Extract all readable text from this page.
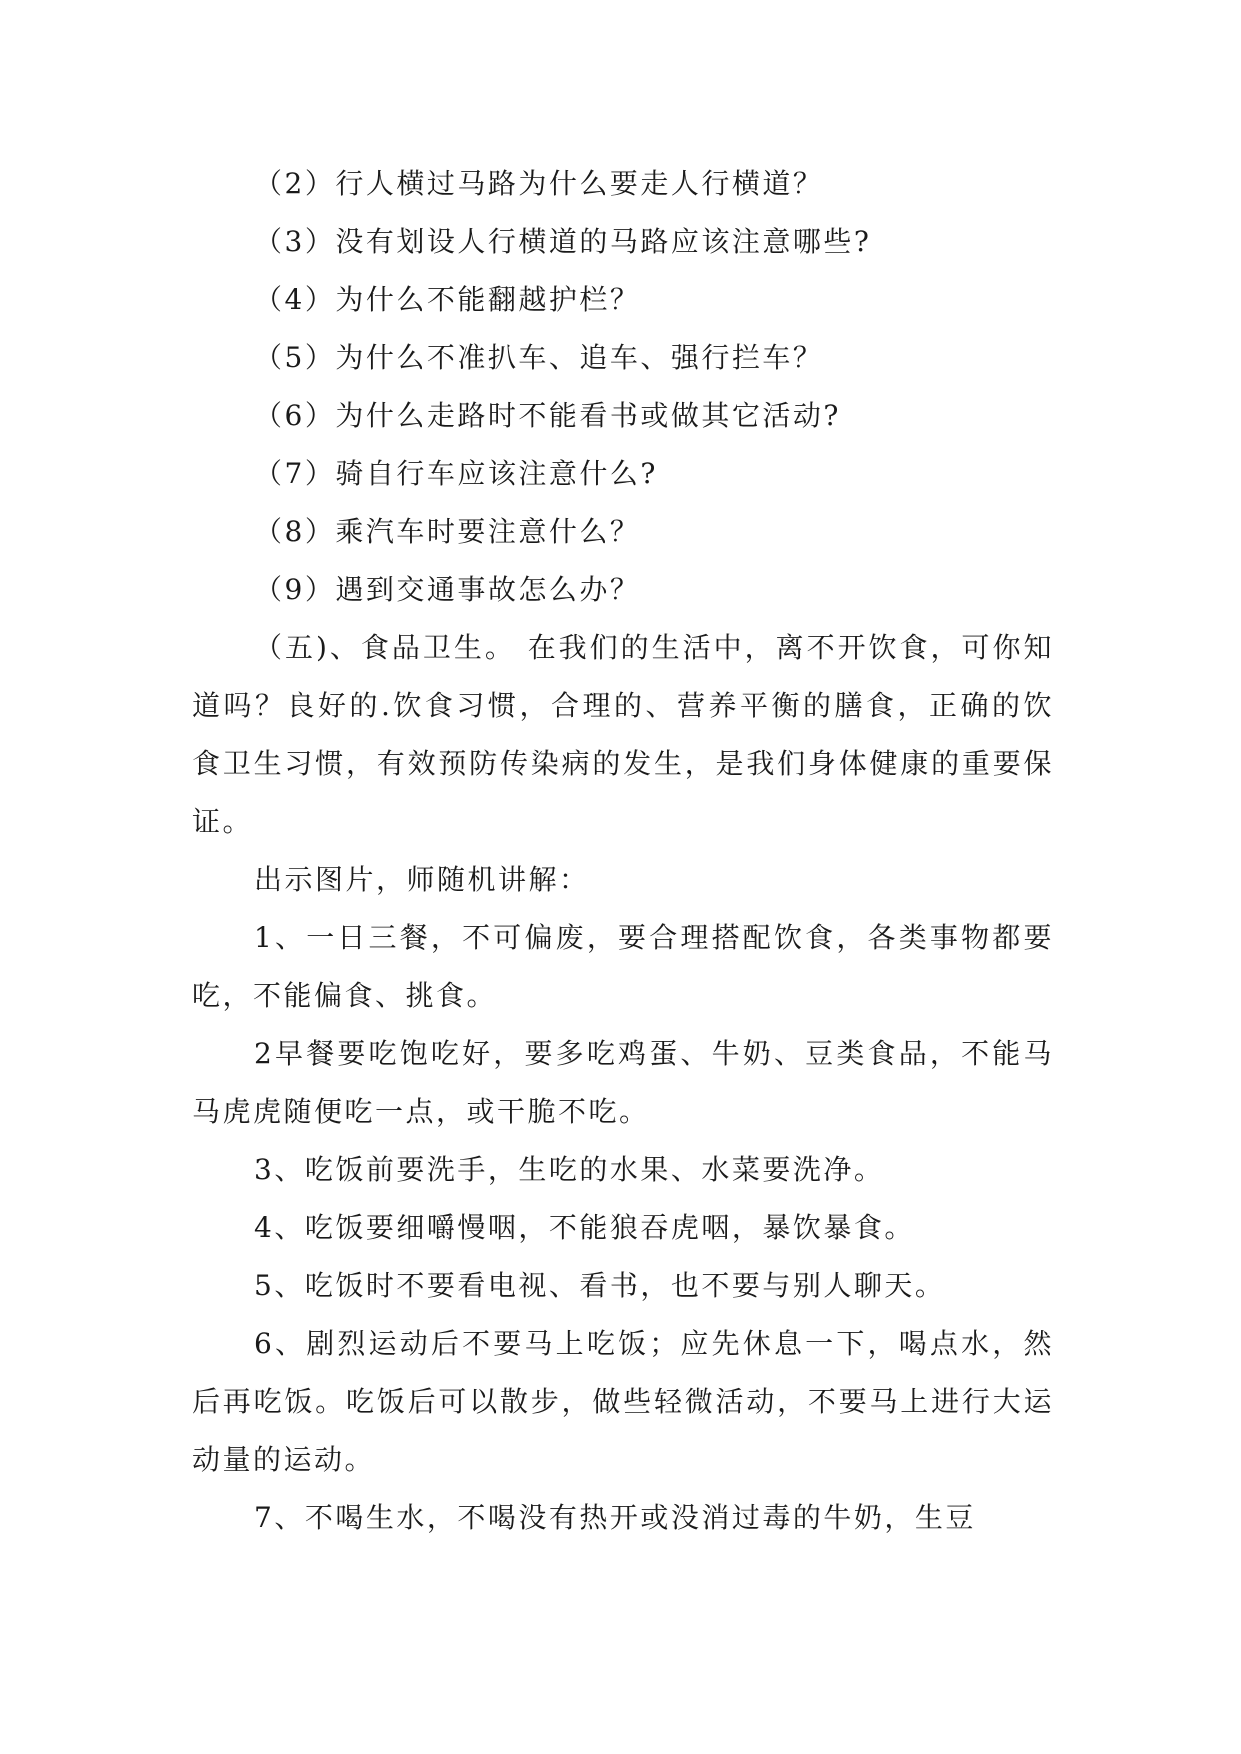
（2）行人横过马路为什么要走人行横道？

（3）没有划设人行横道的马路应该注意哪些?

（4）为什么不能翻越护栏？

（5）为什么不准扒车、追车、强行拦车？

（6）为什么走路时不能看书或做其它活动?

（7）骑自行车应该注意什么?

（8）乘汽车时要注意什么？

（9）遇到交通事故怎么办？

（五)、食品卫生。 在我们的生活中，离不开饮食，可你知道吗？良好的.饮食习惯，合理的、营养平衡的膳食，正确的饮食卫生习惯，有效预防传染病的发生，是我们身体健康的重要保证。

出示图片，师随机讲解：

1、一日三餐，不可偏废，要合理搭配饮食，各类事物都要吃，不能偏食、挑食。

2早餐要吃饱吃好，要多吃鸡蛋、牛奶、豆类食品，不能马马虎虎随便吃一点，或干脆不吃。

3、吃饭前要洗手，生吃的水果、水菜要洗净。

4、吃饭要细嚼慢咽，不能狼吞虎咽，暴饮暴食。

5、吃饭时不要看电视、看书，也不要与别人聊天。

6、剧烈运动后不要马上吃饭；应先休息一下，喝点水，然后再吃饭。吃饭后可以散步，做些轻微活动，不要马上进行大运动量的运动。

7、不喝生水，不喝没有热开或没消过毒的牛奶，生豆
